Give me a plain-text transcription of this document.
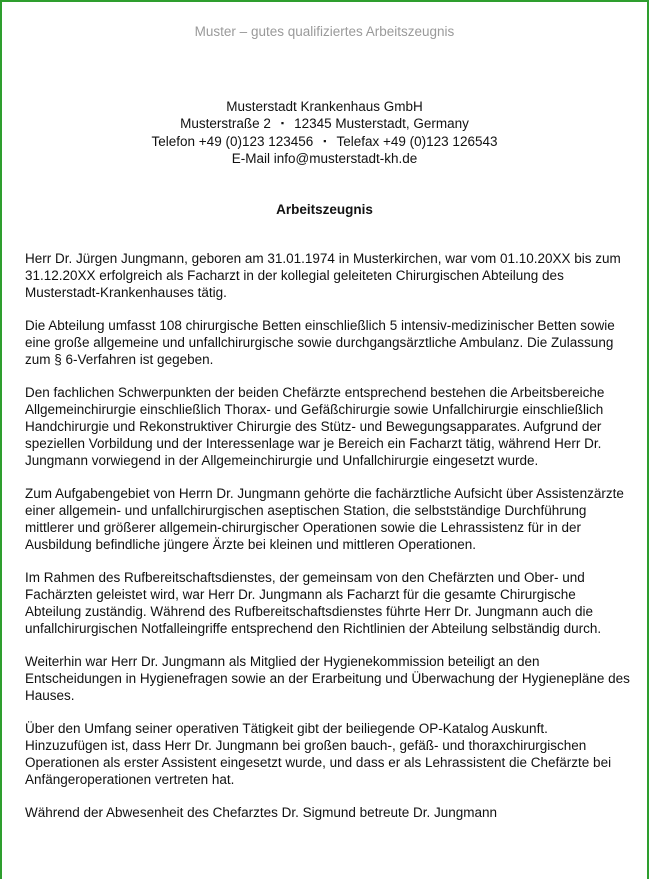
Muster – gutes qualifiziertes Arbeitszeugnis
Musterstadt Krankenhaus GmbH
Musterstraße 2 ▪ 12345 Musterstadt, Germany
Telefon +49 (0)123 123456 ▪ Telefax +49 (0)123 126543
E-Mail info@musterstadt-kh.de
Arbeitszeugnis

Herr Dr. Jürgen Jungmann, geboren am 31.01.1974 in Musterkirchen, war vom 01.10.20XX bis zum 31.12.20XX erfolgreich als Facharzt in der kollegial geleiteten Chirurgischen Abteilung des Musterstadt-Krankenhauses tätig.

Die Abteilung umfasst 108 chirurgische Betten einschließlich 5 intensiv-medizinischer Betten sowie eine große allgemeine und unfallchirurgische sowie durchgangsärztliche Ambulanz. Die Zulassung zum § 6-Verfahren ist gegeben.

Den fachlichen Schwerpunkten der beiden Chefärzte entsprechend bestehen die Arbeitsbereiche Allgemeinchirurgie einschließlich Thorax- und Gefäßchirurgie sowie Unfallchirurgie einschließlich Handchirurgie und Rekonstruktiver Chirurgie des Stütz- und Bewegungsapparates. Aufgrund der speziellen Vorbildung und der Interessenlage war je Bereich ein Facharzt tätig, während Herr Dr. Jungmann vorwiegend in der Allgemeinchirurgie und Unfallchirurgie eingesetzt wurde.

Zum Aufgabengebiet von Herrn Dr. Jungmann gehörte die fachärztliche Aufsicht über Assistenzärzte einer allgemein- und unfallchirurgischen aseptischen Station, die selbstständige Durchführung mittlerer und größerer allgemein-chirurgischer Operationen sowie die Lehrassistenz für in der Ausbildung befindliche jüngere Ärzte bei kleinen und mittleren Operationen.

Im Rahmen des Rufbereitschaftsdienstes, der gemeinsam von den Chefärzten und Ober- und Fachärzten geleistet wird, war Herr Dr. Jungmann als Facharzt für die gesamte Chirurgische Abteilung zuständig. Während des Rufbereitschaftsdienstes führte Herr Dr. Jungmann auch die unfallchirurgischen Notfalleingriffe entsprechend den Richtlinien der Abteilung selbständig durch.

Weiterhin war Herr Dr. Jungmann als Mitglied der Hygienekommission beteiligt an den Entscheidungen in Hygienefragen sowie an der Erarbeitung und Überwachung der Hygienepläne des Hauses.

Über den Umfang seiner operativen Tätigkeit gibt der beiliegende OP-Katalog Auskunft. Hinzuzufügen ist, dass Herr Dr. Jungmann bei großen bauch-, gefäß- und thoraxchirurgischen Operationen als erster Assistent eingesetzt wurde, und dass er als Lehrassistent die Chefärzte bei Anfängeroperationen vertreten hat.

Während der Abwesenheit des Chefarztes Dr. Sigmund betreute Dr. Jungmann
